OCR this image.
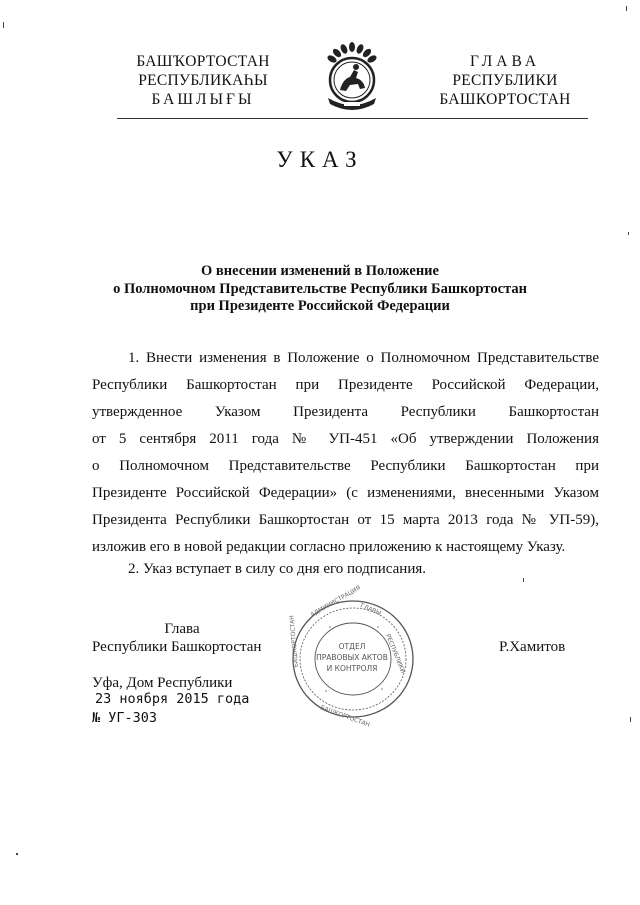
БАШҠОРТОСТАН
РЕСПУБЛИКАҺЫ
БАШЛЫҒЫ
ГЛАВА
РЕСПУБЛИКИ
БАШКОРТОСТАН
УКАЗ
О внесении изменений в Положение
о Полномочном Представительстве Республики Башкортостан
при Президенте Российской Федерации
1. Внести изменения в Положение о Полномочном Представительстве
Республики Башкортостан при Президенте Российской Федерации,
утвержденное Указом Президента Республики Башкортостан
от 5 сентября 2011 года № УП-451 «Об утверждении Положения
о Полномочном Представительстве Республики Башкортостан при
Президенте Российской Федерации» (с изменениями, внесенными Указом
Президента Республики Башкортостан от 15 марта 2013 года № УП-59),
изложив его в новой редакции согласно приложению к настоящему Указу.
2. Указ вступает в силу со дня его подписания.
Глава
Республики Башкортостан	Р.Хамитов
АДМИНИСТРАЦИЯ
ГЛАВЫ
РЕСПУБЛИКИ
БАШКОРТОСТАН
БАШКОРТОСТАН
ОТДЕЛ
ПРАВОВЫХ АКТОВ
И КОНТРОЛЯ
Уфа, Дом Республики
23 ноября 2015 года
№ УГ-303
